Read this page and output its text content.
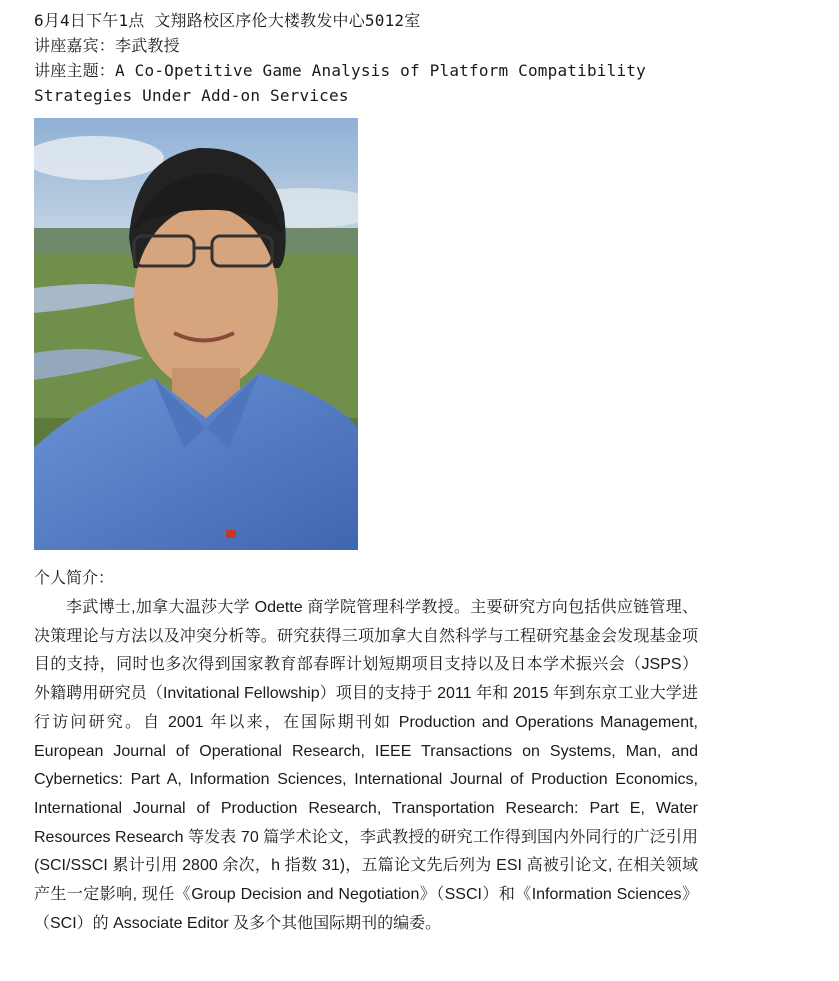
6月4日下午1点 文翔路校区序伦大楼教发中心5012室
讲座嘉宾：李武教授
讲座主题：A Co-Opetitive Game Analysis of Platform Compatibility
Strategies Under Add-on Services
个人简介：

李武博士,加拿大温莎大学 Odette 商学院管理科学教授。主要研究方向包括供应链管理、决策理论与方法以及冲突分析等。研究获得三项加拿大自然科学与工程研究基金会发现基金项目的支持，同时也多次得到国家教育部春晖计划短期项目支持以及日本学术振兴会（JSPS）外籍聘用研究员（Invitational Fellowship）项目的支持于 2011 年和 2015 年到东京工业大学进行访问研究。自 2001 年以来，在国际期刊如 Production and Operations Management, European Journal of Operational Research, IEEE Transactions on Systems, Man, and Cybernetics: Part A, Information Sciences, International Journal of Production Economics, International Journal of Production Research, Transportation Research: Part E, Water Resources Research 等发表 70 篇学术论文，李武教授的研究工作得到国内外同行的广泛引用(SCI/SSCI 累计引用 2800 余次，h 指数 31)，五篇论文先后列为 ESI 高被引论文, 在相关领域产生一定影响, 现任《Group Decision and Negotiation》（SSCI）和《Information Sciences》（SCI）的 Associate Editor 及多个其他国际期刊的编委。
